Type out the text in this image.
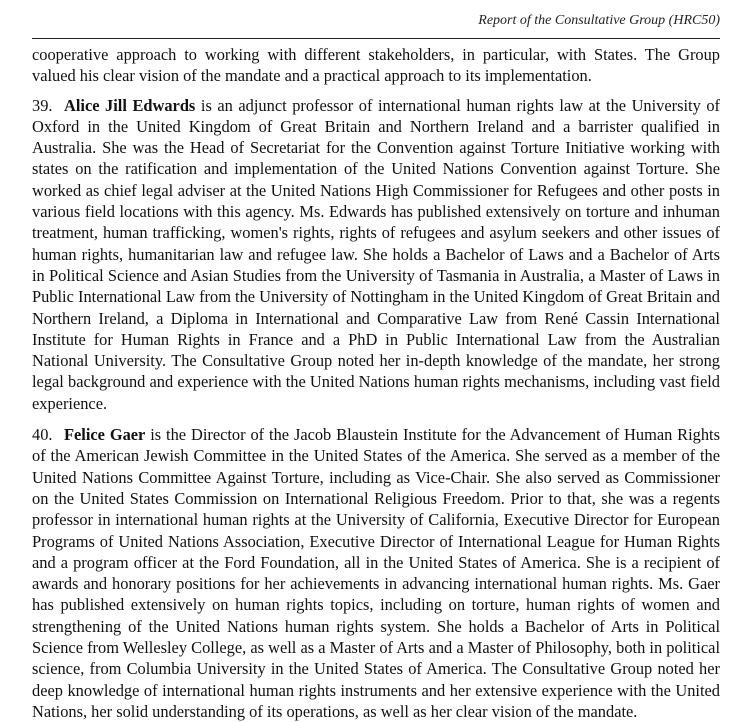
Report of the Consultative Group (HRC50)

cooperative approach to working with different stakeholders, in particular, with States. The Group valued his clear vision of the mandate and a practical approach to its implementation.

39. Alice Jill Edwards is an adjunct professor of international human rights law at the University of Oxford in the United Kingdom of Great Britain and Northern Ireland and a barrister qualified in Australia. She was the Head of Secretariat for the Convention against Torture Initiative working with states on the ratification and implementation of the United Nations Convention against Torture. She worked as chief legal adviser at the United Nations High Commissioner for Refugees and other posts in various field locations with this agency. Ms. Edwards has published extensively on torture and inhuman treatment, human trafficking, women's rights, rights of refugees and asylum seekers and other issues of human rights, humanitarian law and refugee law. She holds a Bachelor of Laws and a Bachelor of Arts in Political Science and Asian Studies from the University of Tasmania in Australia, a Master of Laws in Public International Law from the University of Nottingham in the United Kingdom of Great Britain and Northern Ireland, a Diploma in International and Comparative Law from René Cassin International Institute for Human Rights in France and a PhD in Public International Law from the Australian National University. The Consultative Group noted her in-depth knowledge of the mandate, her strong legal background and experience with the United Nations human rights mechanisms, including vast field experience.

40. Felice Gaer is the Director of the Jacob Blaustein Institute for the Advancement of Human Rights of the American Jewish Committee in the United States of the America. She served as a member of the United Nations Committee Against Torture, including as Vice-Chair. She also served as Commissioner on the United States Commission on International Religious Freedom. Prior to that, she was a regents professor in international human rights at the University of California, Executive Director for European Programs of United Nations Association, Executive Director of International League for Human Rights and a program officer at the Ford Foundation, all in the United States of America. She is a recipient of awards and honorary positions for her achievements in advancing international human rights. Ms. Gaer has published extensively on human rights topics, including on torture, human rights of women and strengthening of the United Nations human rights system. She holds a Bachelor of Arts in Political Science from Wellesley College, as well as a Master of Arts and a Master of Philosophy, both in political science, from Columbia University in the United States of America. The Consultative Group noted her deep knowledge of international human rights instruments and her extensive experience with the United Nations, her solid understanding of its operations, as well as her clear vision of the mandate.
